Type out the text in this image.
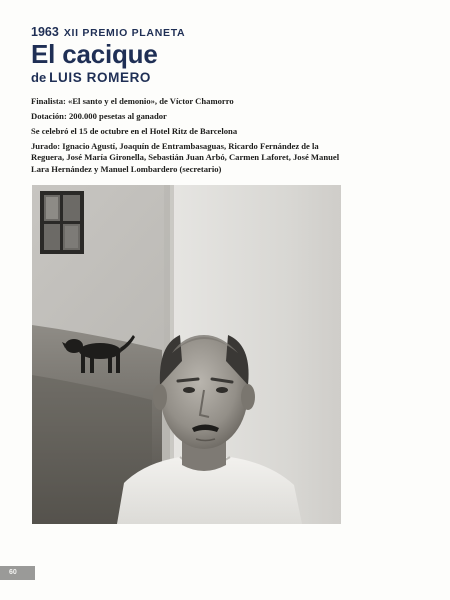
1963 XII PREMIO PLANETA
El cacique
de LUIS ROMERO

Finalista: «El santo y el demonio», de Víctor Chamorro

Dotación: 200.000 pesetas al ganador

Se celebró el 15 de octubre en el Hotel Ritz de Barcelona

Jurado: Ignacio Agustí, Joaquín de Entrambasaguas, Ricardo Fernández de la Reguera, José María Gironella, Sebastián Juan Arbó, Carmen Laforet, José Manuel Lara Hernández y Manuel Lombardero (secretario)

60
